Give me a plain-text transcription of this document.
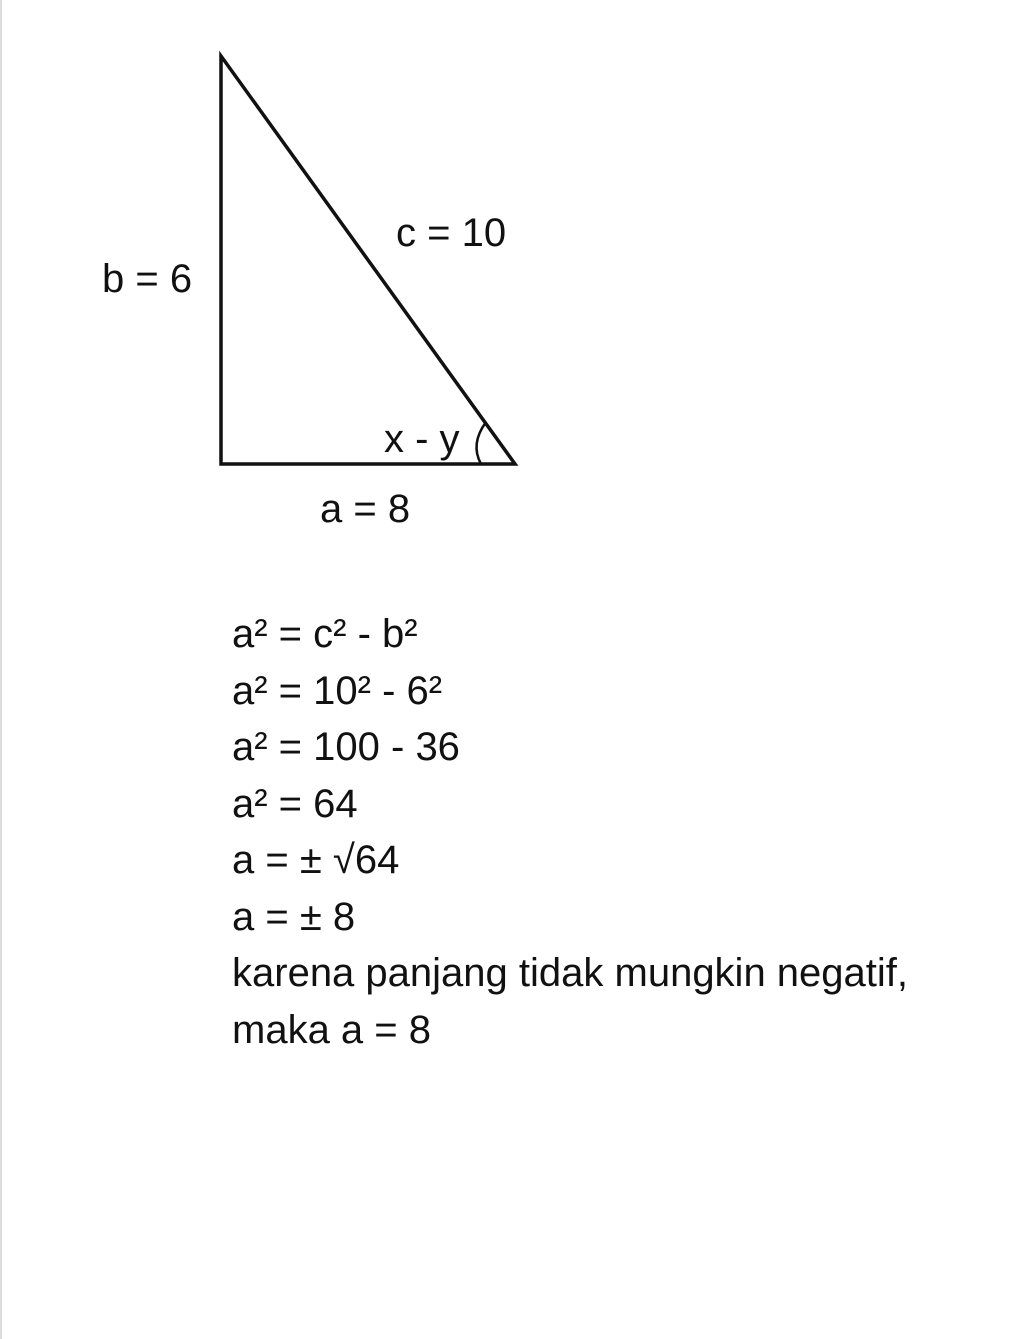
b = 6
c = 10
x - y
a = 8
a² = c² - b²
a² = 10² - 6²
a² = 100 - 36
a² = 64
a = ± √64
a = ± 8
karena panjang tidak mungkin negatif,
maka a = 8
